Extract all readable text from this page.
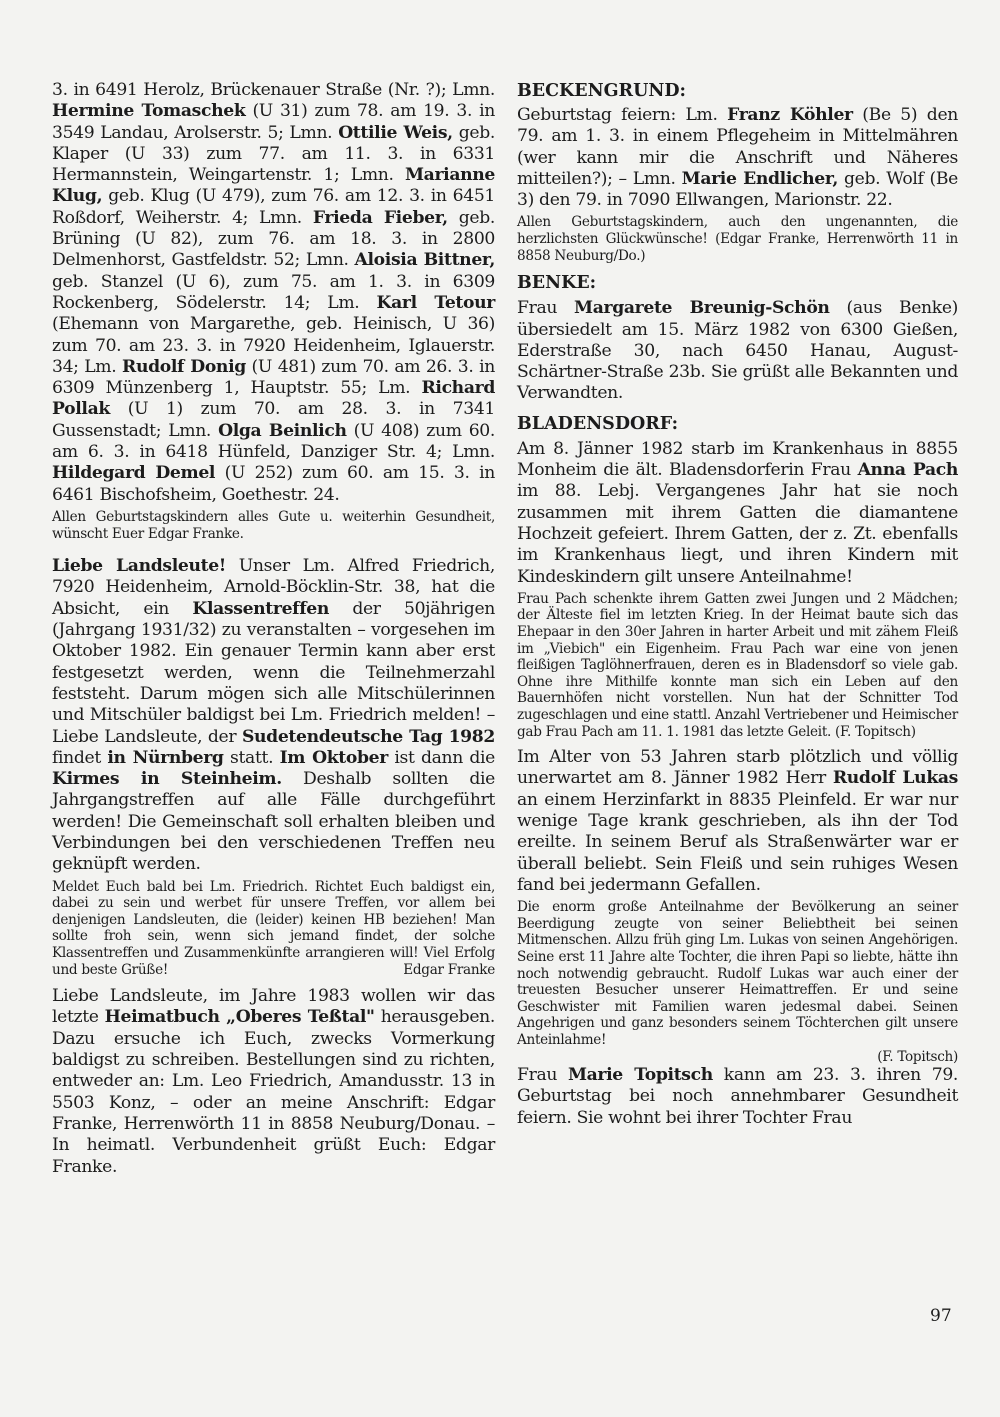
3. in 6491 Herolz, Brückenauer Straße (Nr. ?); Lmn. Hermine Tomaschek (U 31) zum 78. am 19. 3. in 3549 Landau, Arolserstr. 5; Lmn. Ottilie Weis, geb. Klaper (U 33) zum 77. am 11. 3. in 6331 Hermannstein, Weingartenstr. 1; Lmn. Marianne Klug, geb. Klug (U 479), zum 76. am 12. 3. in 6451 Roßdorf, Weiherstr. 4; Lmn. Frieda Fieber, geb. Brüning (U 82), zum 76. am 18. 3. in 2800 Delmenhorst, Gastfeldstr. 52; Lmn. Aloisia Bittner, geb. Stanzel (U 6), zum 75. am 1. 3. in 6309 Rockenberg, Södelerstr. 14; Lm. Karl Tetour (Ehemann von Margarethe, geb. Heinisch, U 36) zum 70. am 23. 3. in 7920 Heidenheim, Iglauerstr. 34; Lm. Rudolf Donig (U 481) zum 70. am 26. 3. in 6309 Münzenberg 1, Hauptstr. 55; Lm. Richard Pollak (U 1) zum 70. am 28. 3. in 7341 Gussenstadt; Lmn. Olga Beinlich (U 408) zum 60. am 6. 3. in 6418 Hünfeld, Danziger Str. 4; Lmn. Hildegard Demel (U 252) zum 60. am 15. 3. in 6461 Bischofsheim, Goethestr. 24.

Allen Geburtstagskindern alles Gute u. weiterhin Gesundheit, wünscht Euer Edgar Franke.

Liebe Landsleute! Unser Lm. Alfred Friedrich, 7920 Heidenheim, Arnold-Böcklin-Str. 38, hat die Absicht, ein Klassentreffen der 50jährigen (Jahrgang 1931/32) zu veranstalten – vorgesehen im Oktober 1982. Ein genauer Termin kann aber erst festgesetzt werden, wenn die Teilnehmerzahl feststeht. Darum mögen sich alle Mitschülerinnen und Mitschüler baldigst bei Lm. Friedrich melden! – Liebe Landsleute, der Sudetendeutsche Tag 1982 findet in Nürnberg statt. Im Oktober ist dann die Kirmes in Steinheim. Deshalb sollten die Jahrgangstreffen auf alle Fälle durchgeführt werden! Die Gemeinschaft soll erhalten bleiben und Verbindungen bei den verschiedenen Treffen neu geknüpft werden.

Meldet Euch bald bei Lm. Friedrich. Richtet Euch baldigst ein, dabei zu sein und werbet für unsere Treffen, vor allem bei denjenigen Landsleuten, die (leider) keinen HB beziehen! Man sollte froh sein, wenn sich jemand findet, der solche Klassentreffen und Zusammenkünfte arrangieren will! Viel Erfolg

und beste Grüße!	Edgar Franke

Liebe Landsleute, im Jahre 1983 wollen wir das letzte Heimatbuch „Oberes Teßtal" herausgeben. Dazu ersuche ich Euch, zwecks Vormerkung baldigst zu schreiben. Bestellungen sind zu richten, entweder an: Lm. Leo Friedrich, Amandusstr. 13 in 5503 Konz, – oder an meine Anschrift: Edgar Franke, Herrenwörth 11 in 8858 Neuburg/Donau. – In heimatl. Verbundenheit grüßt Euch: Edgar Franke.

BECKENGRUND:

Geburtstag feiern: Lm. Franz Köhler (Be 5) den 79. am 1. 3. in einem Pflegeheim in Mittelmähren (wer kann mir die Anschrift und Näheres mitteilen?); – Lmn. Marie Endlicher, geb. Wolf (Be 3) den 79. in 7090 Ellwangen, Marionstr. 22.

Allen Geburtstagskindern, auch den ungenannten, die herzlichsten Glückwünsche! (Edgar Franke, Herrenwörth 11 in 8858 Neuburg/Do.)

BENKE:

Frau Margarete Breunig-Schön (aus Benke) übersiedelt am 15. März 1982 von 6300 Gießen, Ederstraße 30, nach 6450 Hanau, August-Schärtner-Straße 23b. Sie grüßt alle Bekannten und Verwandten.

BLADENSDORF:

Am 8. Jänner 1982 starb im Krankenhaus in 8855 Monheim die ält. Bladensdorferin Frau Anna Pach im 88. Lebj. Vergangenes Jahr hat sie noch zusammen mit ihrem Gatten die diamantene Hochzeit gefeiert. Ihrem Gatten, der z. Zt. ebenfalls im Krankenhaus liegt, und ihren Kindern mit Kindeskindern gilt unsere Anteilnahme!

Frau Pach schenkte ihrem Gatten zwei Jungen und 2 Mädchen; der Älteste fiel im letzten Krieg. In der Heimat baute sich das Ehepaar in den 30er Jahren in harter Arbeit und mit zähem Fleiß im „Viebich" ein Eigenheim. Frau Pach war eine von jenen fleißigen Taglöhnerfrauen, deren es in Bladensdorf so viele gab. Ohne ihre Mithilfe konnte man sich ein Leben auf den Bauernhöfen nicht vorstellen. Nun hat der Schnitter Tod zugeschlagen und eine stattl. Anzahl Vertriebener und Heimischer gab Frau Pach am 11. 1. 1981 das letzte Geleit. (F. Topitsch)

Im Alter von 53 Jahren starb plötzlich und völlig unerwartet am 8. Jänner 1982 Herr Rudolf Lukas an einem Herzinfarkt in 8835 Pleinfeld. Er war nur wenige Tage krank geschrieben, als ihn der Tod ereilte. In seinem Beruf als Straßenwärter war er überall beliebt. Sein Fleiß und sein ruhiges Wesen fand bei jedermann Gefallen.

Die enorm große Anteilnahme der Bevölkerung an seiner Beerdigung zeugte von seiner Beliebtheit bei seinen Mitmenschen. Allzu früh ging Lm. Lukas von seinen Angehörigen. Seine erst 11 Jahre alte Tochter, die ihren Papi so liebte, hätte ihn noch notwendig gebraucht. Rudolf Lukas war auch einer der treuesten Besucher unserer Heimattreffen. Er und seine Geschwister mit Familien waren jedesmal dabei. Seinen Angehrigen und ganz besonders seinem Töchterchen gilt unsere Anteinlahme!

(F. Topitsch)

Frau Marie Topitsch kann am 23. 3. ihren 79. Geburtstag bei noch annehmbarer Gesundheit feiern. Sie wohnt bei ihrer Tochter Frau

97
